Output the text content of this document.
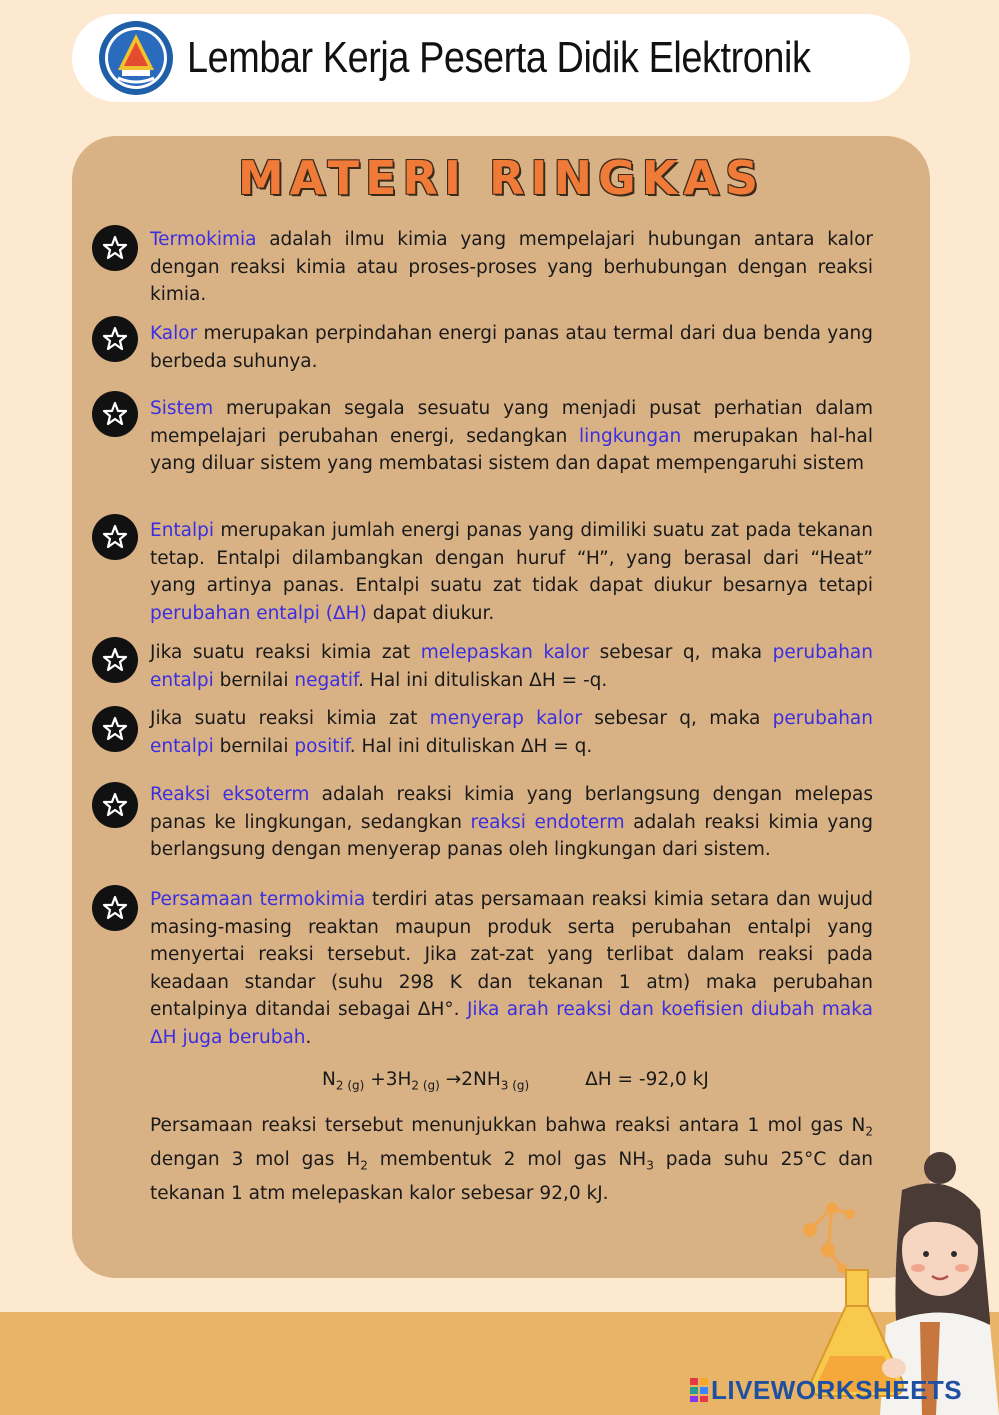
Lembar Kerja Peserta Didik Elektronik
MATERI RINGKAS

Termokimia adalah ilmu kimia yang mempelajari hubungan antara kalor dengan reaksi kimia atau proses-proses yang berhubungan dengan reaksi kimia.

Kalor merupakan perpindahan energi panas atau termal dari dua benda yang berbeda suhunya.

Sistem merupakan segala sesuatu yang menjadi pusat perhatian dalam mempelajari perubahan energi, sedangkan lingkungan merupakan hal-hal yang diluar sistem yang membatasi sistem dan dapat mempengaruhi sistem

Entalpi merupakan jumlah energi panas yang dimiliki suatu zat pada tekanan tetap. Entalpi dilambangkan dengan huruf “H”, yang berasal dari “Heat” yang artinya panas. Entalpi suatu zat tidak dapat diukur besarnya tetapi perubahan entalpi (ΔH) dapat diukur.

Jika suatu reaksi kimia zat melepaskan kalor sebesar q, maka perubahan entalpi bernilai negatif. Hal ini dituliskan ΔH = -q.

Jika suatu reaksi kimia zat menyerap kalor sebesar q, maka perubahan entalpi bernilai positif. Hal ini dituliskan ΔH = q.

Reaksi eksoterm adalah reaksi kimia yang berlangsung dengan melepas panas ke lingkungan, sedangkan reaksi endoterm adalah reaksi kimia yang berlangsung dengan menyerap panas oleh lingkungan dari sistem.

Persamaan termokimia terdiri atas persamaan reaksi kimia setara dan wujud masing-masing reaktan maupun produk serta perubahan entalpi yang menyertai reaksi tersebut. Jika zat-zat yang terlibat dalam reaksi pada keadaan standar (suhu 298 K dan tekanan 1 atm) maka perubahan entalpinya ditandai sebagai ΔH°. Jika arah reaksi dan koefisien diubah maka ΔH juga berubah.

$N_{2 (g)} +3H_{2 (g)} \to 2NH_{3 (g)}$	ΔH = -92,0 kJ

Persamaan reaksi tersebut menunjukkan bahwa reaksi antara 1 mol gas $N_2$ dengan 3 mol gas $H_2$ membentuk 2 mol gas $NH_3$ pada suhu 25°C dan tekanan 1 atm melepaskan kalor sebesar 92,0 kJ.

LIVEWORKSHEETS
